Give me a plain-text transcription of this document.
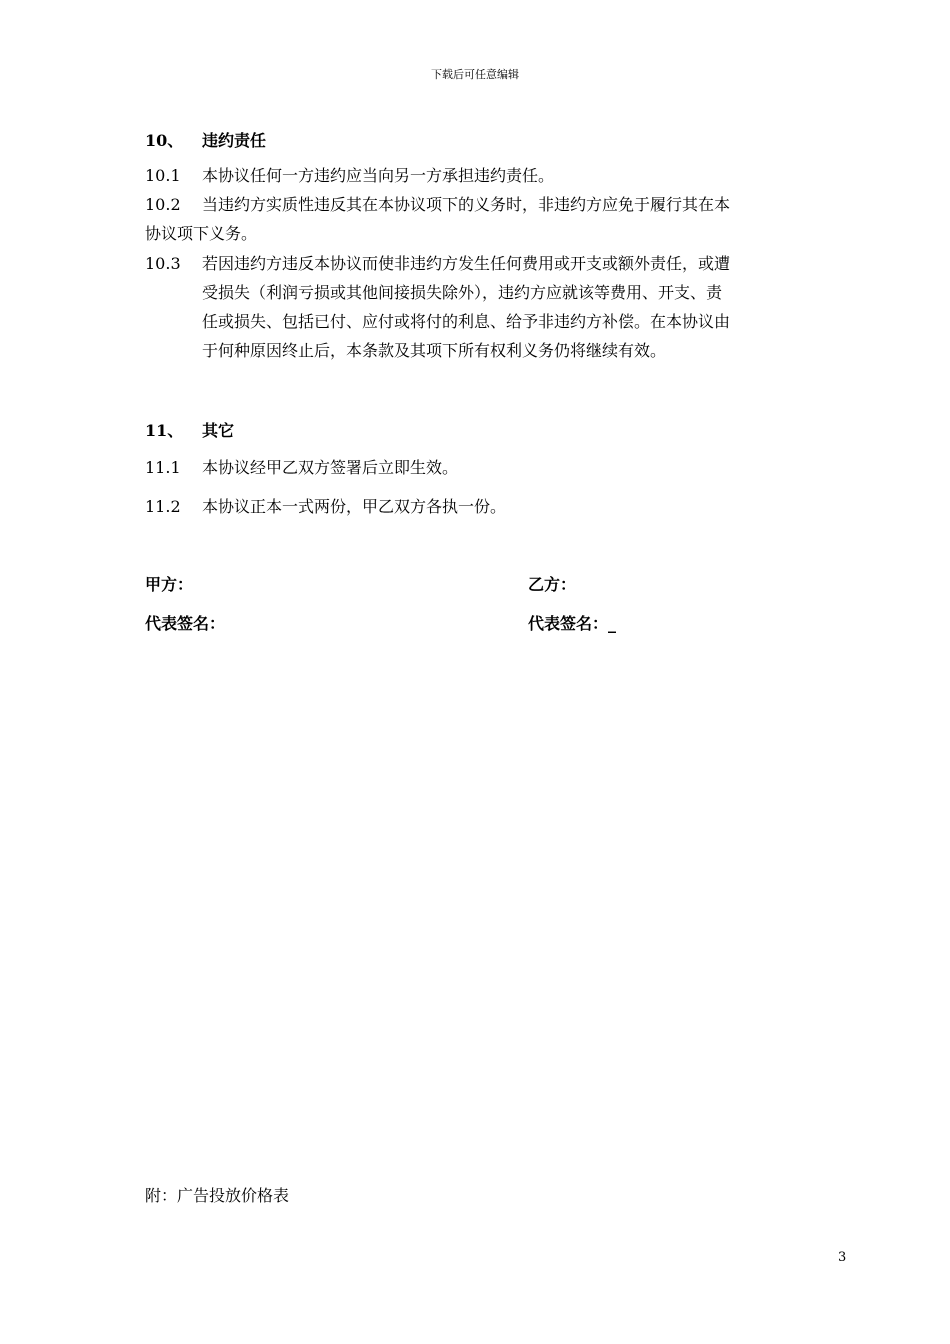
下载后可任意编辑
10、 违约责任
10.1	本协议任何一方违约应当向另一方承担违约责任。
10.2	当违约方实质性违反其在本协议项下的义务时，非违约方应免于履行其在本
协议项下义务。
10.3	若因违约方违反本协议而使非违约方发生任何费用或开支或额外责任，或遭
受损失（利润亏损或其他间接损失除外），违约方应就该等费用、开支、责
任或损失、包括已付、应付或将付的利息、给予非违约方补偿。在本协议由
于何种原因终止后，本条款及其项下所有权利义务仍将继续有效。
11、 其它
11.1	本协议经甲乙双方签署后立即生效。
11.2	本协议正本一式两份，甲乙双方各执一份。
甲方：
代表签名：
乙方：
代表签名：_
附：广告投放价格表
3
